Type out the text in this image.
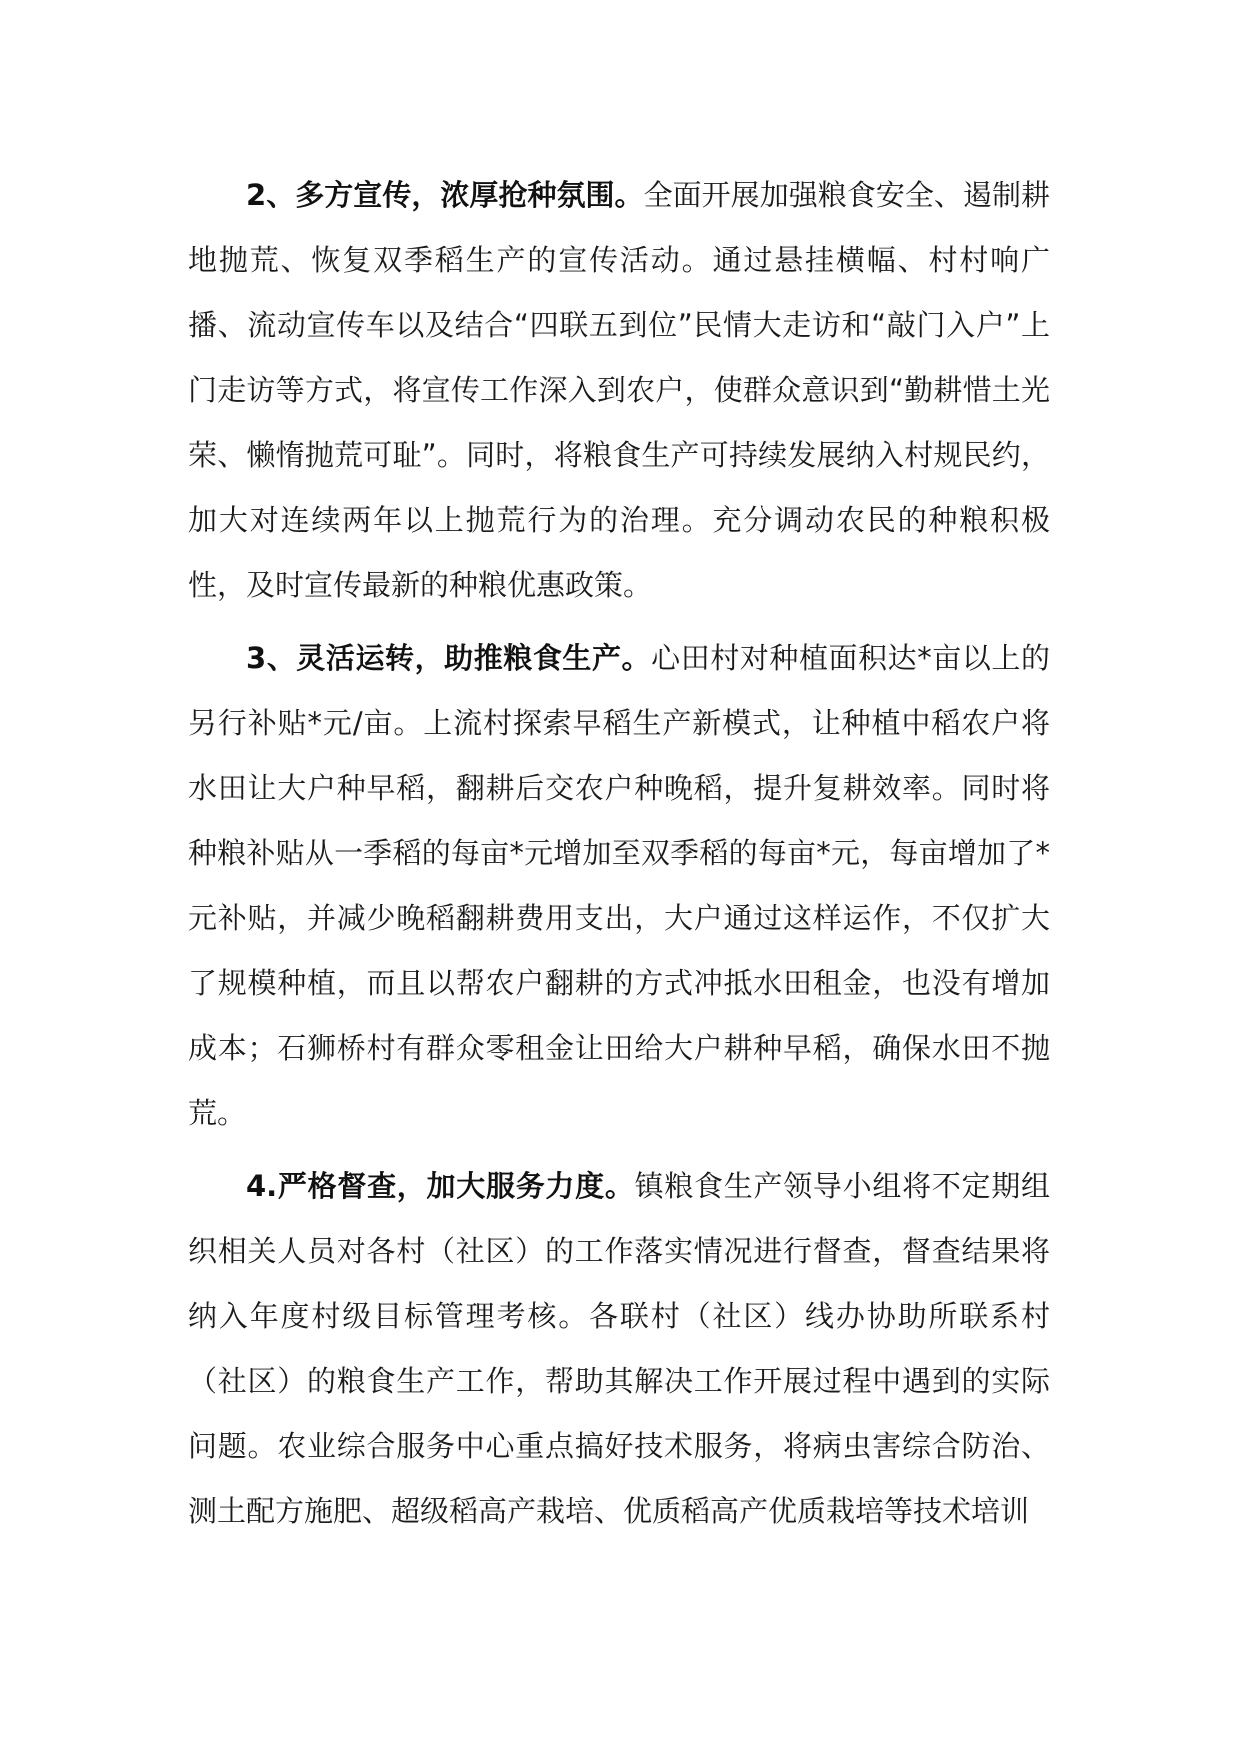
2、多方宣传，浓厚抢种氛围。全面开展加强粮食安全、遏制耕地抛荒、恢复双季稻生产的宣传活动。通过悬挂横幅、村村响广播、流动宣传车以及结合“四联五到位”民情大走访和“敲门入户”上门走访等方式，将宣传工作深入到农户，使群众意识到“勤耕惜土光荣、懒惰抛荒可耻”。同时，将粮食生产可持续发展纳入村规民约，加大对连续两年以上抛荒行为的治理。充分调动农民的种粮积极性，及时宣传最新的种粮优惠政策。

3、灵活运转，助推粮食生产。心田村对种植面积达*亩以上的另行补贴*元/亩。上流村探索早稻生产新模式，让种植中稻农户将水田让大户种早稻，翻耕后交农户种晚稻，提升复耕效率。同时将种粮补贴从一季稻的每亩*元增加至双季稻的每亩*元，每亩增加了*元补贴，并减少晚稻翻耕费用支出，大户通过这样运作，不仅扩大了规模种植，而且以帮农户翻耕的方式冲抵水田租金，也没有增加成本；石狮桥村有群众零租金让田给大户耕种早稻，确保水田不抛荒。

4.严格督查，加大服务力度。镇粮食生产领导小组将不定期组织相关人员对各村（社区）的工作落实情况进行督查，督查结果将纳入年度村级目标管理考核。各联村（社区）线办协助所联系村（社区）的粮食生产工作，帮助其解决工作开展过程中遇到的实际问题。农业综合服务中心重点搞好技术服务，将病虫害综合防治、测土配方施肥、超级稻高产栽培、优质稻高产优质栽培等技术培训
